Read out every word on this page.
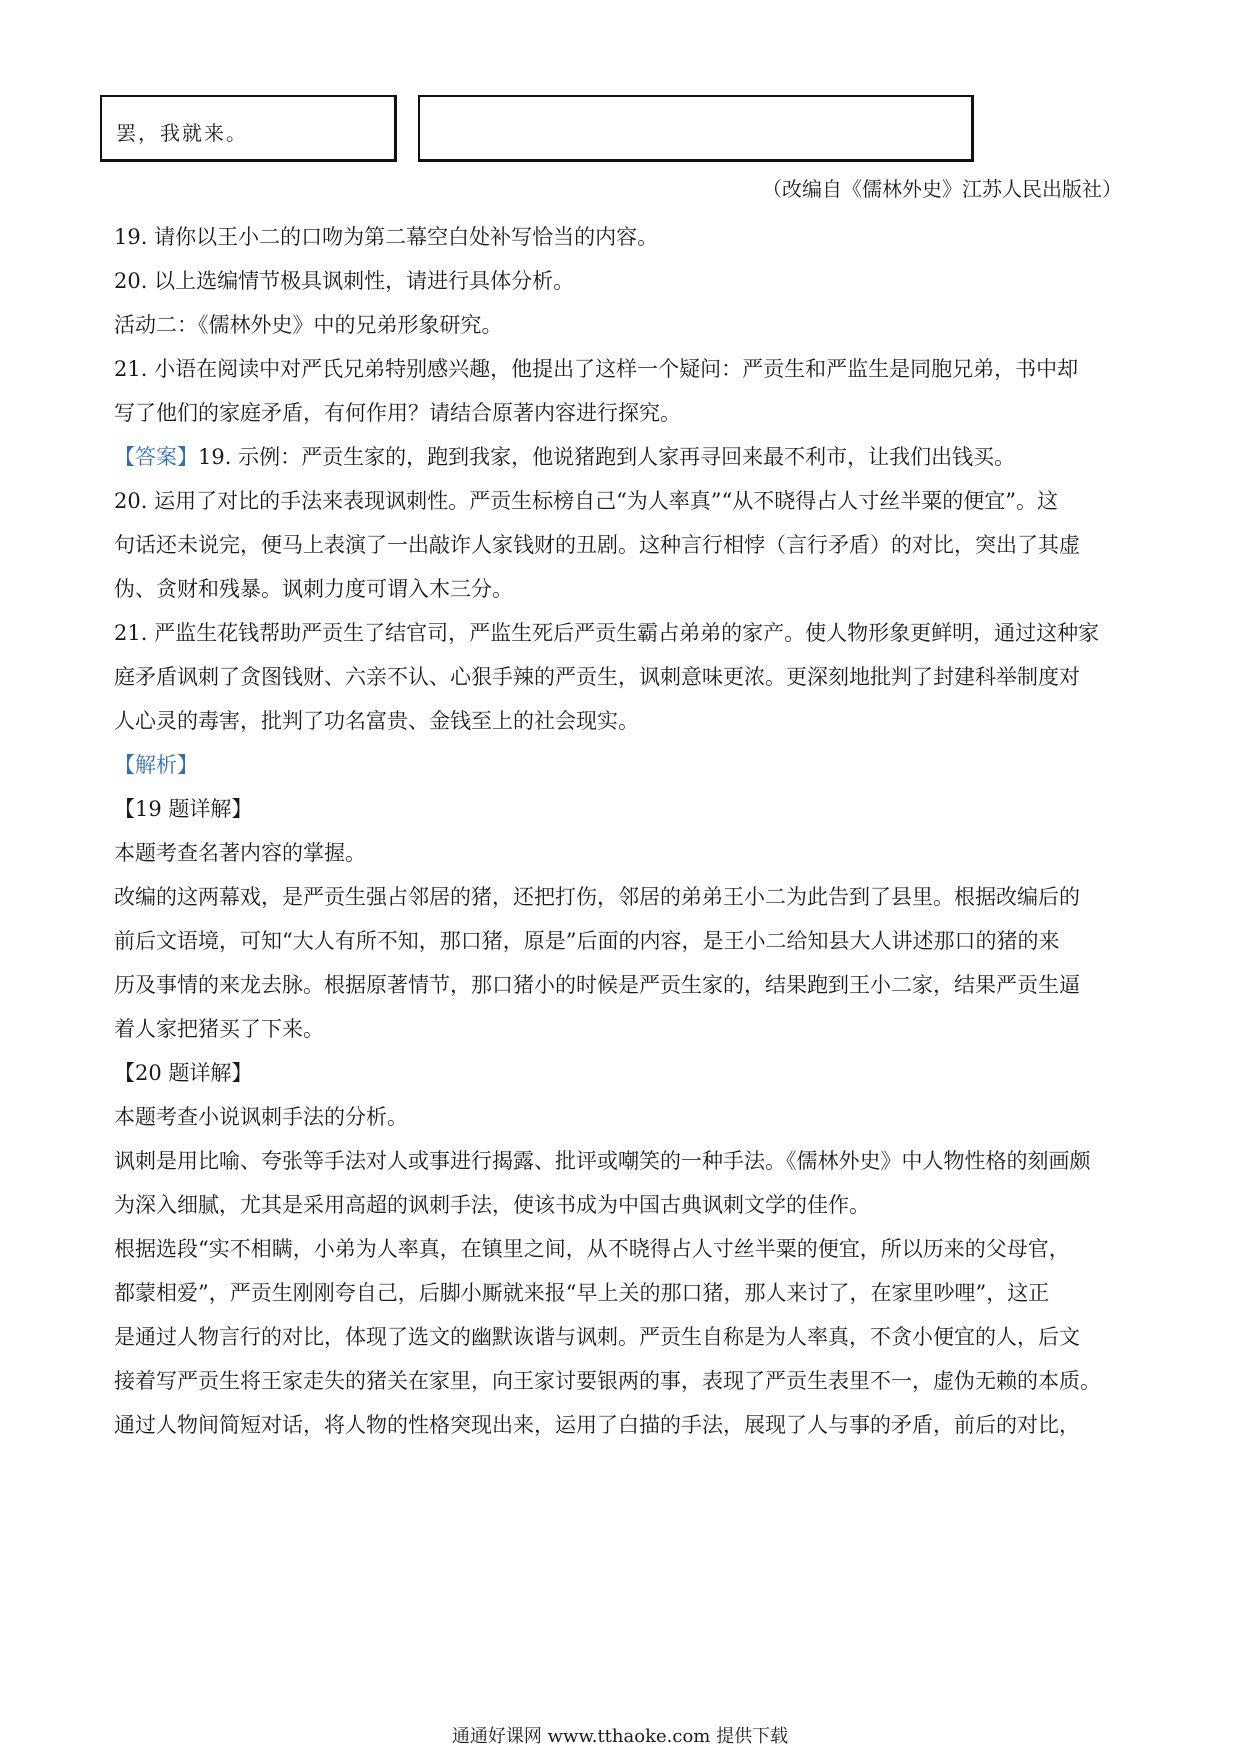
罢，我就来。
（改编自《儒林外史》江苏人民出版社）
19. 请你以王小二的口吻为第二幕空白处补写恰当的内容。
20. 以上选编情节极具讽刺性，请进行具体分析。
活动二：《儒林外史》中的兄弟形象研究。
21. 小语在阅读中对严氏兄弟特别感兴趣，他提出了这样一个疑问：严贡生和严监生是同胞兄弟，书中却
写了他们的家庭矛盾，有何作用？请结合原著内容进行探究。
【答案】19. 示例：严贡生家的，跑到我家，他说猪跑到人家再寻回来最不利市，让我们出钱买。
20. 运用了对比的手法来表现讽刺性。严贡生标榜自己“为人率真”“从不晓得占人寸丝半粟的便宜”。这
句话还未说完，便马上表演了一出敲诈人家钱财的丑剧。这种言行相悖（言行矛盾）的对比，突出了其虚
伪、贪财和残暴。讽刺力度可谓入木三分。
21. 严监生花钱帮助严贡生了结官司，严监生死后严贡生霸占弟弟的家产。使人物形象更鲜明，通过这种家
庭矛盾讽刺了贪图钱财、六亲不认、心狠手辣的严贡生，讽刺意味更浓。更深刻地批判了封建科举制度对
人心灵的毒害，批判了功名富贵、金钱至上的社会现实。
【解析】
【19 题详解】
本题考查名著内容的掌握。
改编的这两幕戏，是严贡生强占邻居的猪，还把打伤，邻居的弟弟王小二为此告到了县里。根据改编后的
前后文语境，可知“大人有所不知，那口猪，原是”后面的内容，是王小二给知县大人讲述那口的猪的来
历及事情的来龙去脉。根据原著情节，那口猪小的时候是严贡生家的，结果跑到王小二家，结果严贡生逼
着人家把猪买了下来。
【20 题详解】
本题考查小说讽刺手法的分析。
讽刺是用比喻、夸张等手法对人或事进行揭露、批评或嘲笑的一种手法。《儒林外史》中人物性格的刻画颇
为深入细腻，尤其是采用高超的讽刺手法，使该书成为中国古典讽刺文学的佳作。
根据选段“实不相瞒，小弟为人率真，在镇里之间，从不晓得占人寸丝半粟的便宜，所以历来的父母官，
都蒙相爱”，严贡生刚刚夸自己，后脚小厮就来报“早上关的那口猪，那人来讨了，在家里吵哩”，这正
是通过人物言行的对比，体现了选文的幽默诙谐与讽刺。严贡生自称是为人率真，不贪小便宜的人，后文
接着写严贡生将王家走失的猪关在家里，向王家讨要银两的事，表现了严贡生表里不一，虚伪无赖的本质。
通过人物间简短对话，将人物的性格突现出来，运用了白描的手法，展现了人与事的矛盾，前后的对比，
通通好课网 www.tthaoke.com 提供下载
